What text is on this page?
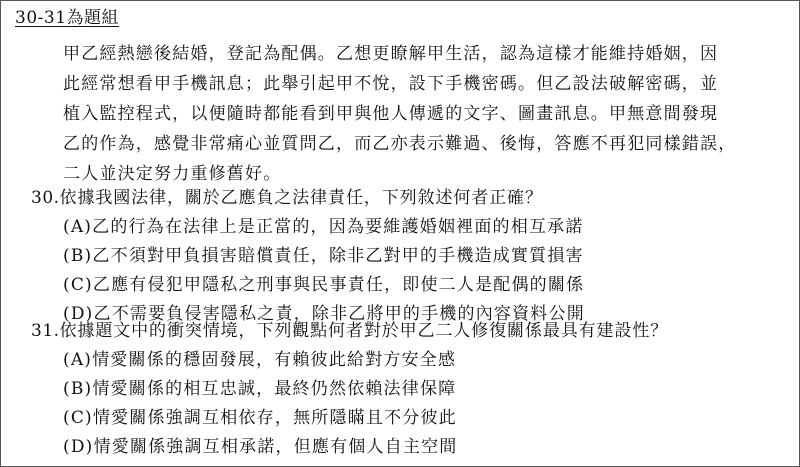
30-31為題組
甲乙經熱戀後結婚，登記為配偶。乙想更瞭解甲生活，認為這樣才能維持婚姻，因
此經常想看甲手機訊息；此舉引起甲不悅，設下手機密碼。但乙設法破解密碼，並
植入監控程式，以便隨時都能看到甲與他人傳遞的文字、圖畫訊息。甲無意間發現
乙的作為，感覺非常痛心並質問乙，而乙亦表示難過、後悔，答應不再犯同樣錯誤，
二人並決定努力重修舊好。
30.依據我國法律，關於乙應負之法律責任，下列敘述何者正確？
(A)乙的行為在法律上是正當的，因為要維護婚姻裡面的相互承諾
(B)乙不須對甲負損害賠償責任，除非乙對甲的手機造成實質損害
(C)乙應有侵犯甲隱私之刑事與民事責任，即使二人是配偶的關係
(D)乙不需要負侵害隱私之責，除非乙將甲的手機的內容資料公開
31.依據題文中的衝突情境，下列觀點何者對於甲乙二人修復關係最具有建設性？
(A)情愛關係的穩固發展，有賴彼此給對方安全感
(B)情愛關係的相互忠誠，最終仍然依賴法律保障
(C)情愛關係強調互相依存，無所隱瞞且不分彼此
(D)情愛關係強調互相承諾，但應有個人自主空間
